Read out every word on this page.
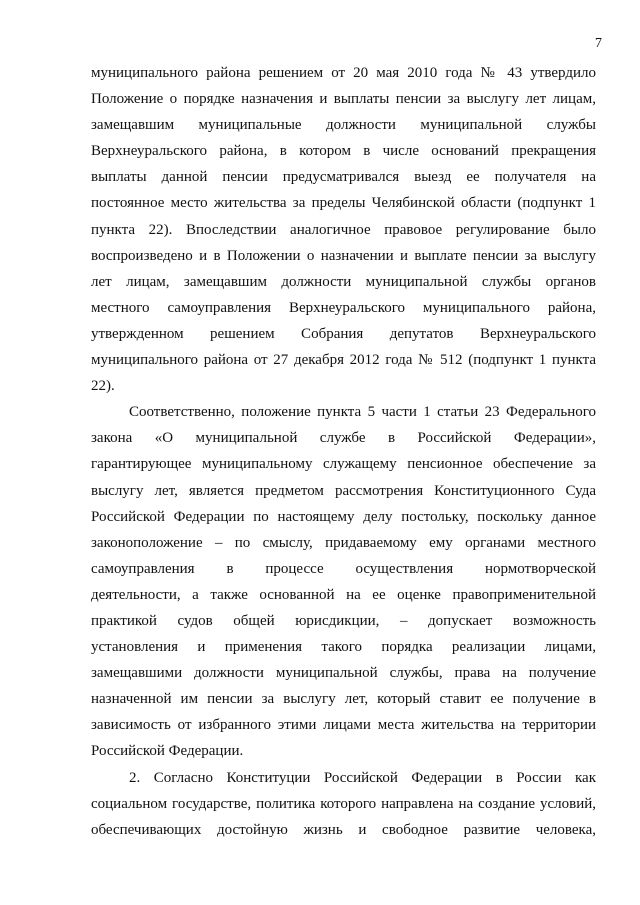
7
муниципального района решением от 20 мая 2010 года № 43 утвердило
Положение о порядке назначения и выплаты пенсии за выслугу лет лицам,
замещавшим муниципальные должности муниципальной службы
Верхнеуральского района, в котором в числе оснований прекращения
выплаты данной пенсии предусматривался выезд ее получателя на
постоянное место жительства за пределы Челябинской области (подпункт 1
пункта 22). Впоследствии аналогичное правовое регулирование было
воспроизведено и в Положении о назначении и выплате пенсии за выслугу
лет лицам, замещавшим должности муниципальной службы органов
местного самоуправления Верхнеуральского муниципального района,
утвержденном решением Собрания депутатов Верхнеуральского
муниципального района от 27 декабря 2012 года № 512 (подпункт 1 пункта
22).
Соответственно, положение пункта 5 части 1 статьи 23 Федерального
закона «О муниципальной службе в Российской Федерации»,
гарантирующее муниципальному служащему пенсионное обеспечение за
выслугу лет, является предметом рассмотрения Конституционного Суда
Российской Федерации по настоящему делу постольку, поскольку данное
законоположение – по смыслу, придаваемому ему органами местного
самоуправления в процессе осуществления нормотворческой
деятельности, а также основанной на ее оценке правоприменительной
практикой судов общей юрисдикции, – допускает возможность
установления и применения такого порядка реализации лицами,
замещавшими должности муниципальной службы, права на получение
назначенной им пенсии за выслугу лет, который ставит ее получение в
зависимость от избранного этими лицами места жительства на территории
Российской Федерации.
2. Согласно Конституции Российской Федерации в России как
социальном государстве, политика которого направлена на создание условий,
обеспечивающих достойную жизнь и свободное развитие человека,
